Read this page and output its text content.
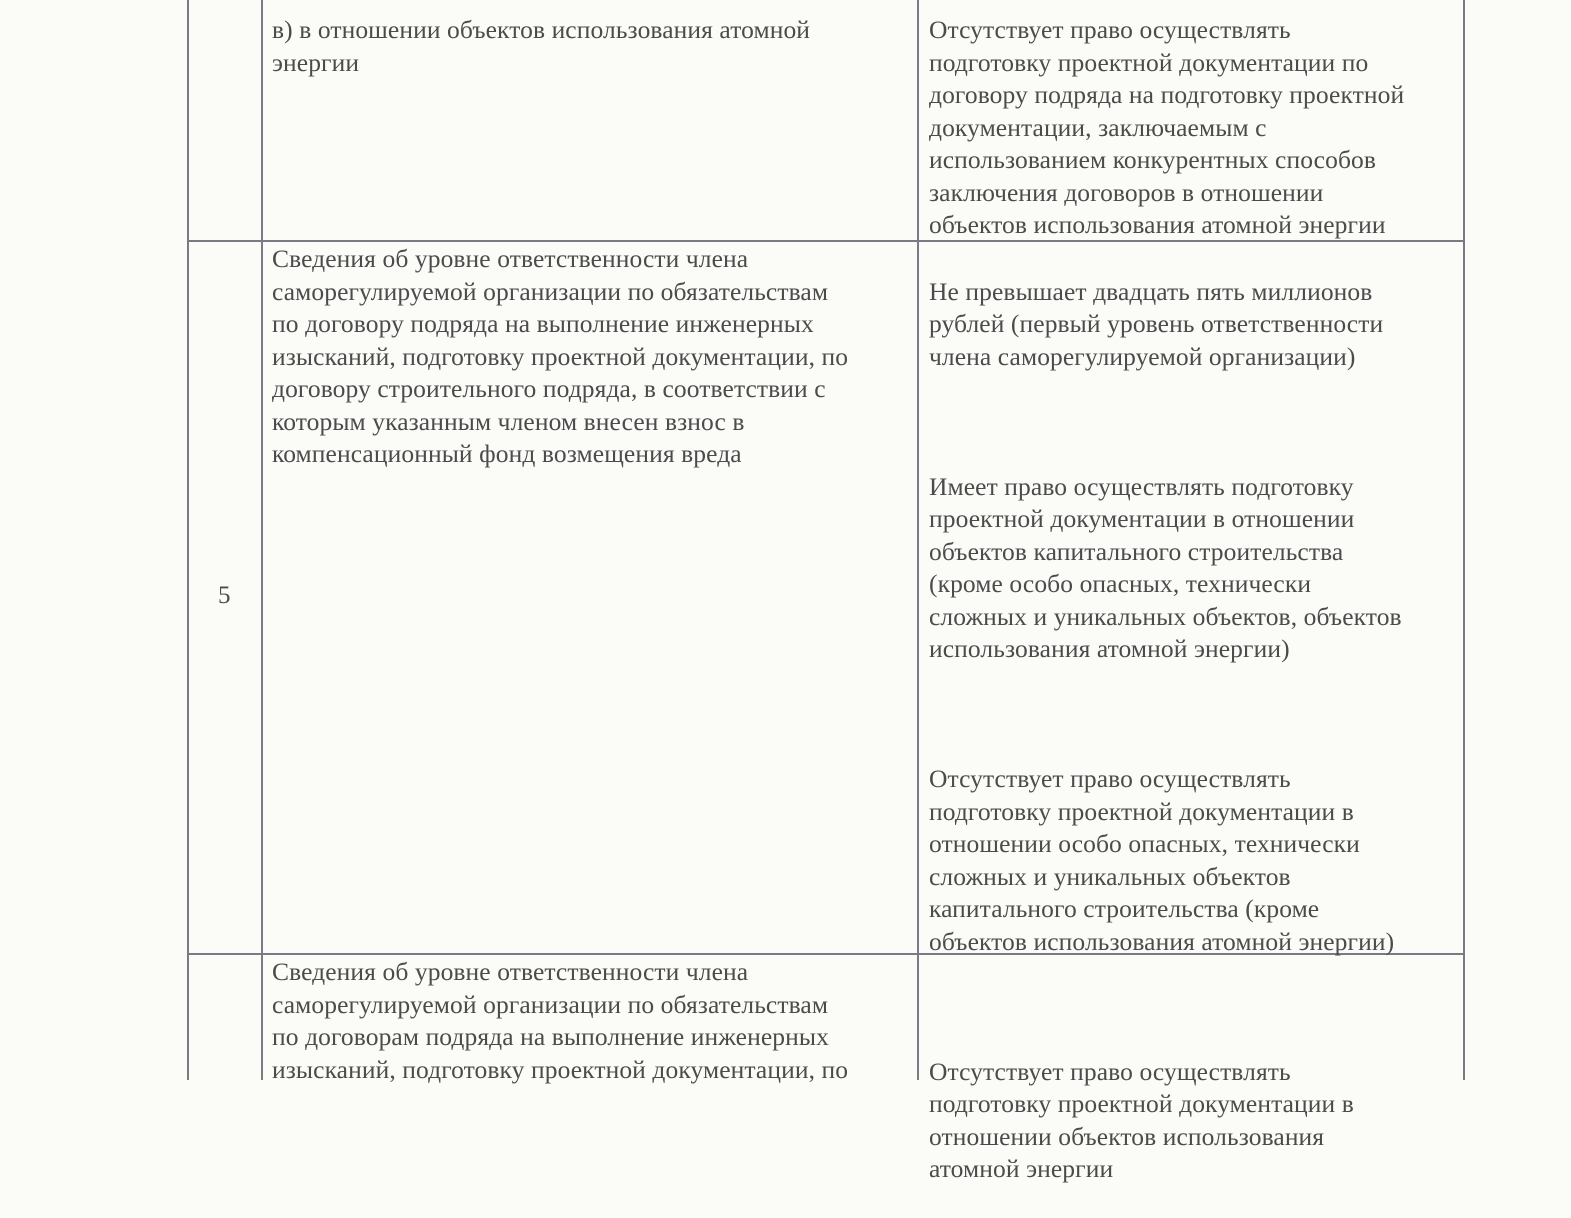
в) в отношении объектов использования атомной
энергии
Отсутствует право осуществлять
подготовку проектной документации по
договору подряда на подготовку проектной
документации, заключаемым с
использованием конкурентных способов
заключения договоров в отношении
объектов использования атомной энергии
5
Сведения об уровне ответственности члена
саморегулируемой организации по обязательствам
по договору подряда на выполнение инженерных
изысканий, подготовку проектной документации, по
договору строительного подряда, в соответствии с
которым указанным членом внесен взнос в
компенсационный фонд возмещения вреда

Не превышает двадцать пять миллионов
рублей (первый уровень ответственности
члена саморегулируемой организации)

Имеет право осуществлять подготовку
проектной документации в отношении
объектов капитального строительства
(кроме особо опасных, технически
сложных и уникальных объектов, объектов
использования атомной энергии)

Отсутствует право осуществлять
подготовку проектной документации в
отношении особо опасных, технически
сложных и уникальных объектов
капитального строительства (кроме
объектов использования атомной энергии)

Отсутствует право осуществлять
подготовку проектной документации в
отношении объектов использования
атомной энергии

Сведения об уровне ответственности члена
саморегулируемой организации по обязательствам
по договорам подряда на выполнение инженерных
изысканий, подготовку проектной документации, по
